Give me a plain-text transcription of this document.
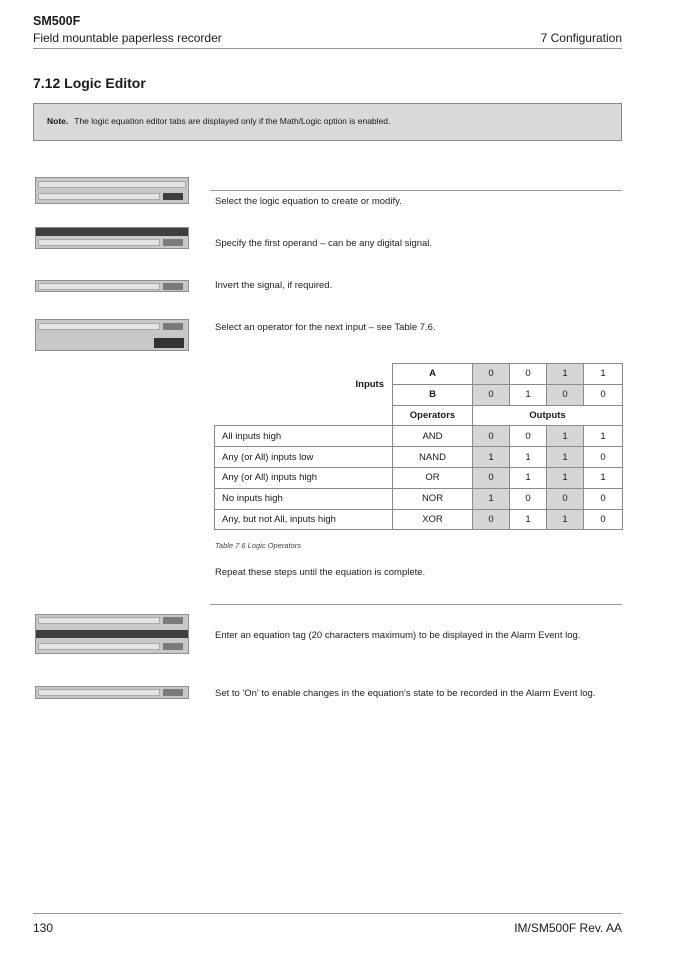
SM500F
Field mountable paperless recorder	7 Configuration
7.12 Logic Editor
Note. The logic equation editor tabs are displayed only if the Math/Logic option is enabled.
Select the logic equation to create or modify.
Specify the first operand – can be any digital signal.
Invert the signal, if required.
Select an operator for the next input – see Table 7.6.
Inputs	A	0	0	1	1
	B	0	1	0	0
	Operators	Outputs			
All inputs high	AND	0	0	1	1
Any (or All) inputs low	NAND	1	1	1	0
Any (or All) inputs high	OR	0	1	1	1
No inputs high	NOR	1	0	0	0
Any, but not All, inputs high	XOR	0	1	1	0
Table 7.6 Logic Operators
Repeat these steps until the equation is complete.
Enter an equation tag (20 characters maximum) to be displayed in the Alarm Event log.
Set to 'On' to enable changes in the equation's state to be recorded in the Alarm Event log.
130	IM/SM500F Rev. AA
